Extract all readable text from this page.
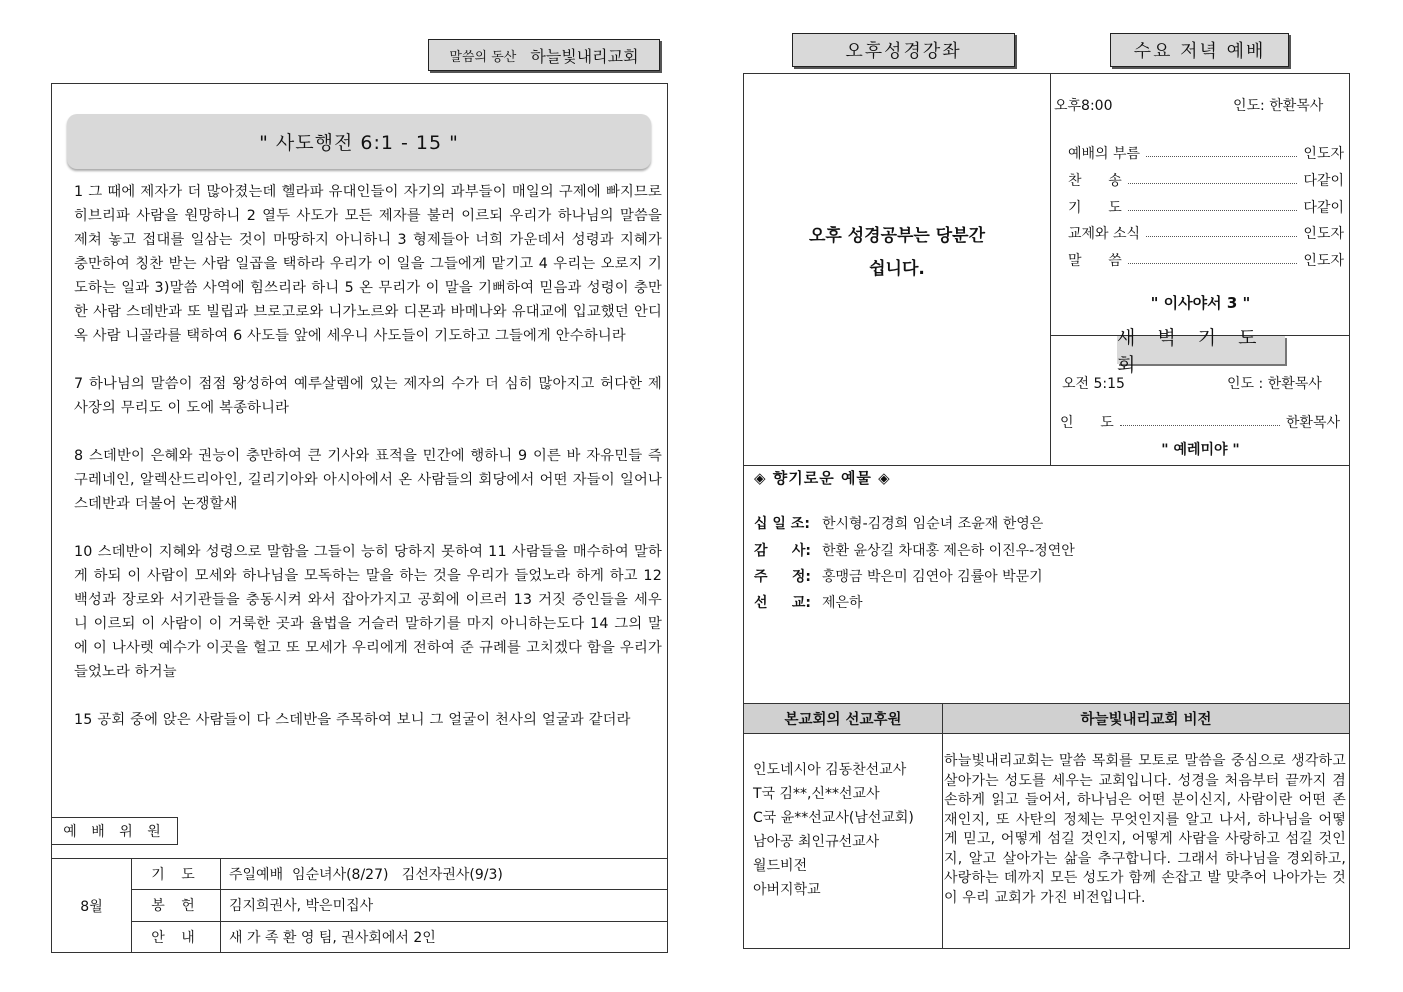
말씀의 동산 하늘빛내리교회
" 사도행전 6:1 - 15 "

1 그 때에 제자가 더 많아졌는데 헬라파 유대인들이 자기의 과부들이 매일의 구제에 빠지므로 히브리파 사람을 원망하니 2 열두 사도가 모든 제자를 불러 이르되 우리가 하나님의 말씀을 제쳐 놓고 접대를 일삼는 것이 마땅하지 아니하니 3 형제들아 너희 가운데서 성령과 지혜가 충만하여 칭찬 받는 사람 일곱을 택하라 우리가 이 일을 그들에게 맡기고 4 우리는 오로지 기도하는 일과 3)말씀 사역에 힘쓰리라 하니 5 온 무리가 이 말을 기뻐하여 믿음과 성령이 충만한 사람 스데반과 또 빌립과 브로고로와 니가노르와 디몬과 바메나와 유대교에 입교했던 안디옥 사람 니골라를 택하여 6 사도들 앞에 세우니 사도들이 기도하고 그들에게 안수하니라

7 하나님의 말씀이 점점 왕성하여 예루살렘에 있는 제자의 수가 더 심히 많아지고 허다한 제사장의 무리도 이 도에 복종하니라

8 스데반이 은혜와 권능이 충만하여 큰 기사와 표적을 민간에 행하니 9 이른 바 자유민들 즉 구레네인, 알렉산드리아인, 길리기아와 아시아에서 온 사람들의 회당에서 어떤 자들이 일어나 스데반과 더불어 논쟁할새

10 스데반이 지혜와 성령으로 말함을 그들이 능히 당하지 못하여 11 사람들을 매수하여 말하게 하되 이 사람이 모세와 하나님을 모독하는 말을 하는 것을 우리가 들었노라 하게 하고 12 백성과 장로와 서기관들을 충동시켜 와서 잡아가지고 공회에 이르러 13 거짓 증인들을 세우니 이르되 이 사람이 이 거룩한 곳과 율법을 거슬러 말하기를 마지 아니하는도다 14 그의 말에 이 나사렛 예수가 이곳을 헐고 또 모세가 우리에게 전하여 준 규례를 고치겠다 함을 우리가 들었노라 하거늘

15 공회 중에 앉은 사람들이 다 스데반을 주목하여 보니 그 얼굴이 천사의 얼굴과 같더라

예 배 위 원
8월	기 도	주일예배  임순녀사(8/27)   김선자권사(9/3)
	봉 헌	김지희권사, 박은미집사
	안 내	새 가 족 환 영 팀, 권사회에서 2인
오후성경강좌	수요 저녁 예배
오후 성경공부는 당분간
쉽니다.
오후8:00	인도: 한환목사
예배의 부름	인도자
찬      송	다같이
기      도	다같이
교제와 소식	인도자
말      씀	인도자
" 이사야서 3 "
새 벽 기 도 회
오전 5:15	인도 : 한환목사
인      도	한환목사
" 예레미야 "
◈ 향기로운 예물 ◈
십 일 조: 한시형-김경희 임순녀 조윤재 한영은
감     사: 한환 윤상길 차대홍 제은하 이진우-정연안
주     정: 홍맹금 박은미 김연아 김률아 박문기
선     교: 제은하
본교회의 선교후원	하늘빛내리교회 비전
인도네시아 김동찬선교사
T국 김**,신**선교사
C국 윤**선교사(남선교회)
남아공 최인규선교사
월드비전
아버지학교
하늘빛내리교회는 말씀 목회를 모토로 말씀을 중심으로 생각하고 살아가는 성도를 세우는 교회입니다. 성경을 처음부터 끝까지 겸손하게 읽고 들어서, 하나님은 어떤 분이신지, 사람이란 어떤 존재인지, 또 사탄의 정체는 무엇인지를 알고 나서, 하나님을 어떻게 믿고, 어떻게 섬길 것인지, 어떻게 사람을 사랑하고 섬길 것인지, 알고 살아가는 삶을 추구합니다. 그래서 하나님을 경외하고, 사랑하는 데까지 모든 성도가 함께 손잡고 발 맞추어 나아가는 것이 우리 교회가 가진 비전입니다.
